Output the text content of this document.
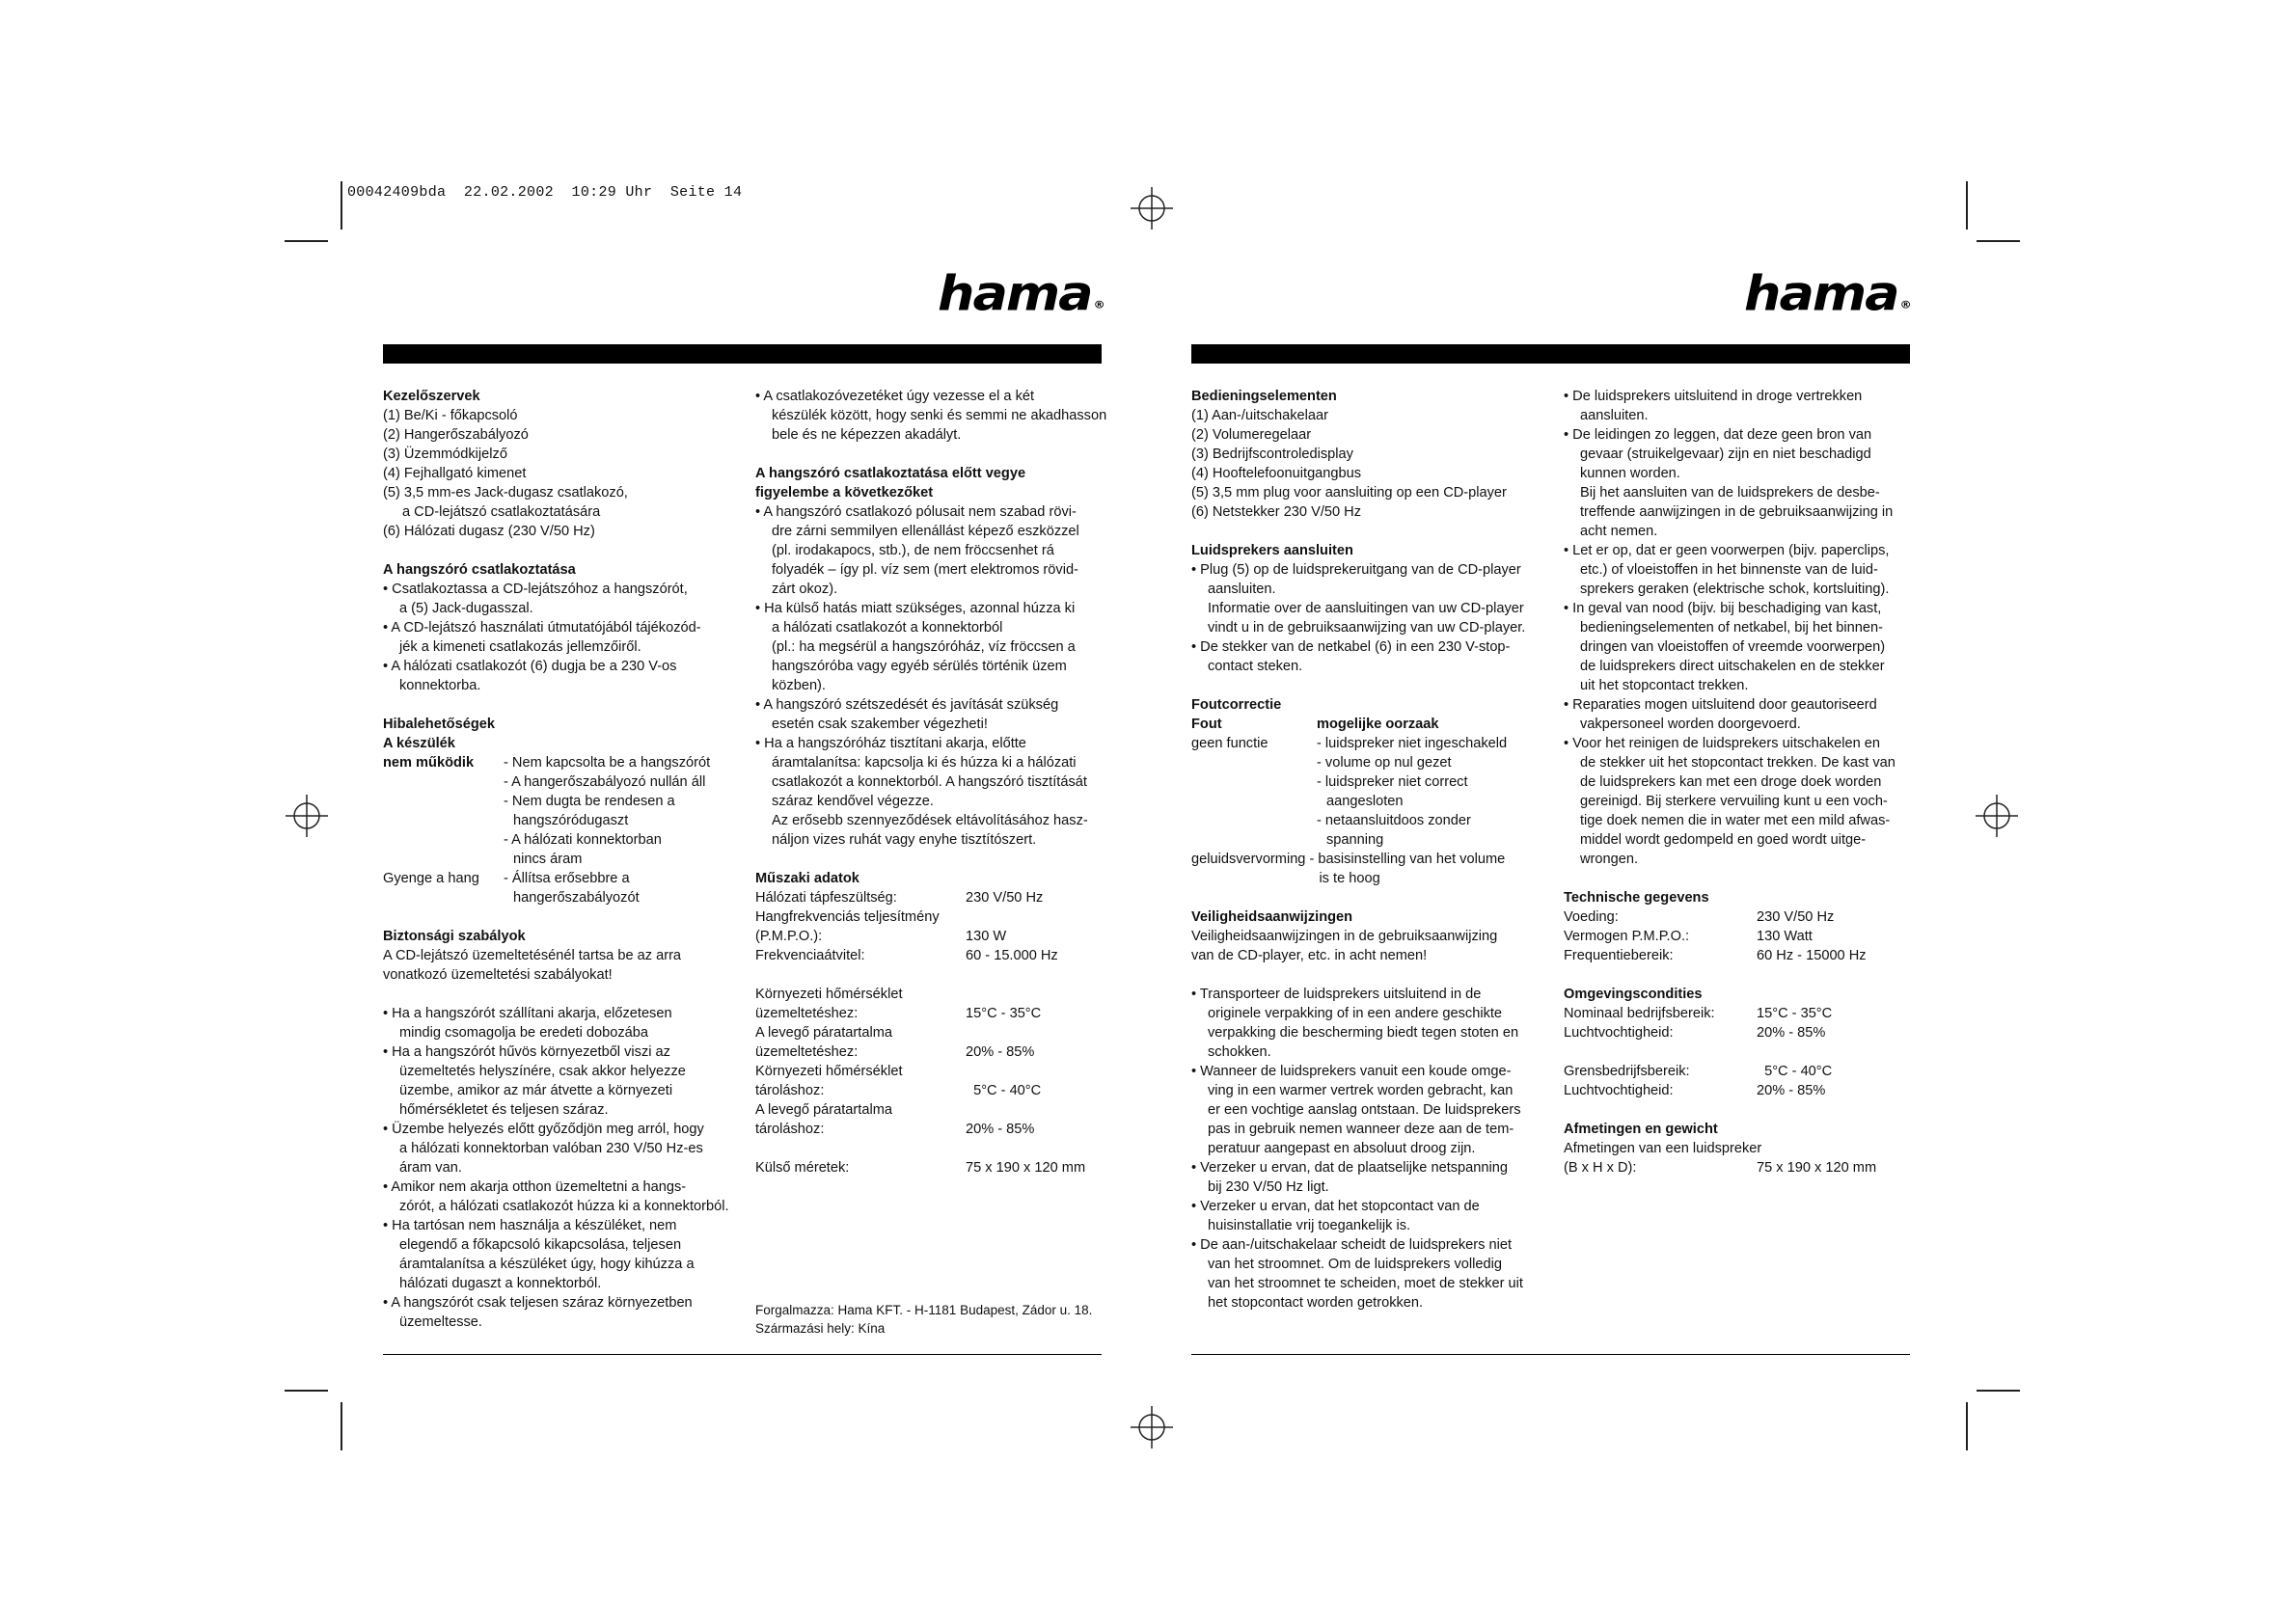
00042409bda  22.02.2002  10:29 Uhr  Seite 14
hama ®	hama ®

Kezelőszervek

(1) Be/Ki - főkapcsoló

(2) Hangerőszabályozó

(3) Üzemmódkijelző

(4) Fejhallgató kimenet

(5) 3,5 mm-es Jack-dugasz csatlakozó,

a CD-lejátszó csatlakoztatására

(6) Hálózati dugasz (230 V/50 Hz)

A hangszóró csatlakoztatása

• Csatlakoztassa a CD-lejátszóhoz a hangszórót,

a (5) Jack-dugasszal.

• A CD-lejátszó használati útmutatójából tájékozód-

jék a kimeneti csatlakozás jellemzőiről.

• A hálózati csatlakozót (6) dugja be a 230 V-os

konnektorba.

Hibalehetőségek

A készülék

nem működik	- Nem kapcsolta be a hangszórót

- A hangerőszabályozó nullán áll

- Nem dugta be rendesen a

hangszóródugaszt

- A hálózati konnektorban

nincs áram

Gyenge a hang	- Állítsa erősebbre a

hangerőszabályozót

Biztonsági szabályok

A CD-lejátszó üzemeltetésénél tartsa be az arra

vonatkozó üzemeltetési szabályokat!

• Ha a hangszórót szállítani akarja, előzetesen

mindig csomagolja be eredeti dobozába

• Ha a hangszórót hűvös környezetből viszi az

üzemeltetés helyszínére, csak akkor helyezze

üzembe, amikor az már átvette a környezeti

hőmérsékletet és teljesen száraz.

• Üzembe helyezés előtt győződjön meg arról, hogy

a hálózati konnektorban valóban 230 V/50 Hz-es

áram van.

• Amikor nem akarja otthon üzemeltetni a hangs-

zórót, a hálózati csatlakozót húzza ki a konnektorból.

• Ha tartósan nem használja a készüléket, nem

elegendő a főkapcsoló kikapcsolása, teljesen

áramtalanítsa a készüléket úgy, hogy kihúzza a

hálózati dugaszt a konnektorból.

• A hangszórót csak teljesen száraz környezetben

üzemeltesse.

• A csatlakozóvezetéket úgy vezesse el a két

készülék között, hogy senki és semmi ne akadhasson

bele és ne képezzen akadályt.

A hangszóró csatlakoztatása előtt vegye

figyelembe a következőket

• A hangszóró csatlakozó pólusait nem szabad rövi-

dre zárni semmilyen ellenállást képező eszközzel

(pl. irodakapocs, stb.), de nem fröccsenhet rá

folyadék – így pl. víz sem (mert elektromos rövid-

zárt okoz).

• Ha külső hatás miatt szükséges, azonnal húzza ki

a hálózati csatlakozót a konnektorból

(pl.: ha megsérül a hangszóróház, víz fröccsen a

hangszóróba vagy egyéb sérülés történik üzem

közben).

• A hangszóró szétszedését és javítását szükség

esetén csak szakember végezheti!

• Ha a hangszóróház tisztítani akarja, előtte

áramtalanítsa: kapcsolja ki és húzza ki a hálózati

csatlakozót a konnektorból. A hangszóró tisztítását

száraz kendővel végezze.

Az erősebb szennyeződések eltávolításához hasz-

náljon vizes ruhát vagy enyhe tisztítószert.

Műszaki adatok

Hálózati tápfeszültség:	230 V/50 Hz

Hangfrekvenciás teljesítmény

(P.M.P.O.):	130 W

Frekvenciaátvitel:	60 - 15.000 Hz

Környezeti hőmérséklet

üzemeltetéshez:	15°C - 35°C

A levegő páratartalma

üzemeltetéshez:	20% - 85%

Környezeti hőmérséklet

tároláshoz:	5°C - 40°C

A levegő páratartalma

tároláshoz:	20% - 85%

Külső méretek:	75 x 190 x 120 mm

Forgalmazza: Hama KFT. - H-1181 Budapest, Zádor u. 18.

Származási hely: Kína

Bedieningselementen

(1) Aan-/uitschakelaar

(2) Volumeregelaar

(3) Bedrijfscontroledisplay

(4) Hooftelefoonuitgangbus

(5) 3,5 mm plug voor aansluiting op een CD-player

(6) Netstekker 230 V/50 Hz

Luidsprekers aansluiten

• Plug (5) op de luidsprekeruitgang van de CD-player

aansluiten.

Informatie over de aansluitingen van uw CD-player

vindt u in de gebruiksaanwijzing van uw CD-player.

• De stekker van de netkabel (6) in een 230 V-stop-

contact steken.

Foutcorrectie

Fout	mogelijke oorzaak

geen functie	- luidspreker niet ingeschakeld

- volume op nul gezet

- luidspreker niet correct

aangesloten

- netaansluitdoos zonder

spanning

geluidsvervorming - basisinstelling van het volume

is te hoog

Veiligheidsaanwijzingen

Veiligheidsaanwijzingen in de gebruiksaanwijzing

van de CD-player, etc. in acht nemen!

• Transporteer de luidsprekers uitsluitend in de

originele verpakking of in een andere geschikte

verpakking die bescherming biedt tegen stoten en

schokken.

• Wanneer de luidsprekers vanuit een koude omge-

ving in een warmer vertrek worden gebracht, kan

er een vochtige aanslag ontstaan. De luidsprekers

pas in gebruik nemen wanneer deze aan de tem-

peratuur aangepast en absoluut droog zijn.

• Verzeker u ervan, dat de plaatselijke netspanning

bij 230 V/50 Hz ligt.

• Verzeker u ervan, dat het stopcontact van de

huisinstallatie vrij toegankelijk is.

• De aan-/uitschakelaar scheidt de luidsprekers niet

van het stroomnet. Om de luidsprekers volledig

van het stroomnet te scheiden, moet de stekker uit

het stopcontact worden getrokken.

• De luidsprekers uitsluitend in droge vertrekken

aansluiten.

• De leidingen zo leggen, dat deze geen bron van

gevaar (struikelgevaar) zijn en niet beschadigd

kunnen worden.

Bij het aansluiten van de luidsprekers de desbe-

treffende aanwijzingen in de gebruiksaanwijzing in

acht nemen.

• Let er op, dat er geen voorwerpen (bijv. paperclips,

etc.) of vloeistoffen in het binnenste van de luid-

sprekers geraken (elektrische schok, kortsluiting).

• In geval van nood (bijv. bij beschadiging van kast,

bedieningselementen of netkabel, bij het binnen-

dringen van vloeistoffen of vreemde voorwerpen)

de luidsprekers direct uitschakelen en de stekker

uit het stopcontact trekken.

• Reparaties mogen uitsluitend door geautoriseerd

vakpersoneel worden doorgevoerd.

• Voor het reinigen de luidsprekers uitschakelen en

de stekker uit het stopcontact trekken. De kast van

de luidsprekers kan met een droge doek worden

gereinigd. Bij sterkere vervuiling kunt u een voch-

tige doek nemen die in water met een mild afwas-

middel wordt gedompeld en goed wordt uitge-

wrongen.

Technische gegevens

Voeding:	230 V/50 Hz

Vermogen P.M.P.O.:	130 Watt

Frequentiebereik:	60 Hz - 15000 Hz

Omgevingscondities

Nominaal bedrijfsbereik:	15°C - 35°C

Luchtvochtigheid:	20% - 85%

Grensbedrijfsbereik:	5°C - 40°C

Luchtvochtigheid:	20% - 85%

Afmetingen en gewicht

Afmetingen van een luidspreker

(B x H x D):	75 x 190 x 120 mm
